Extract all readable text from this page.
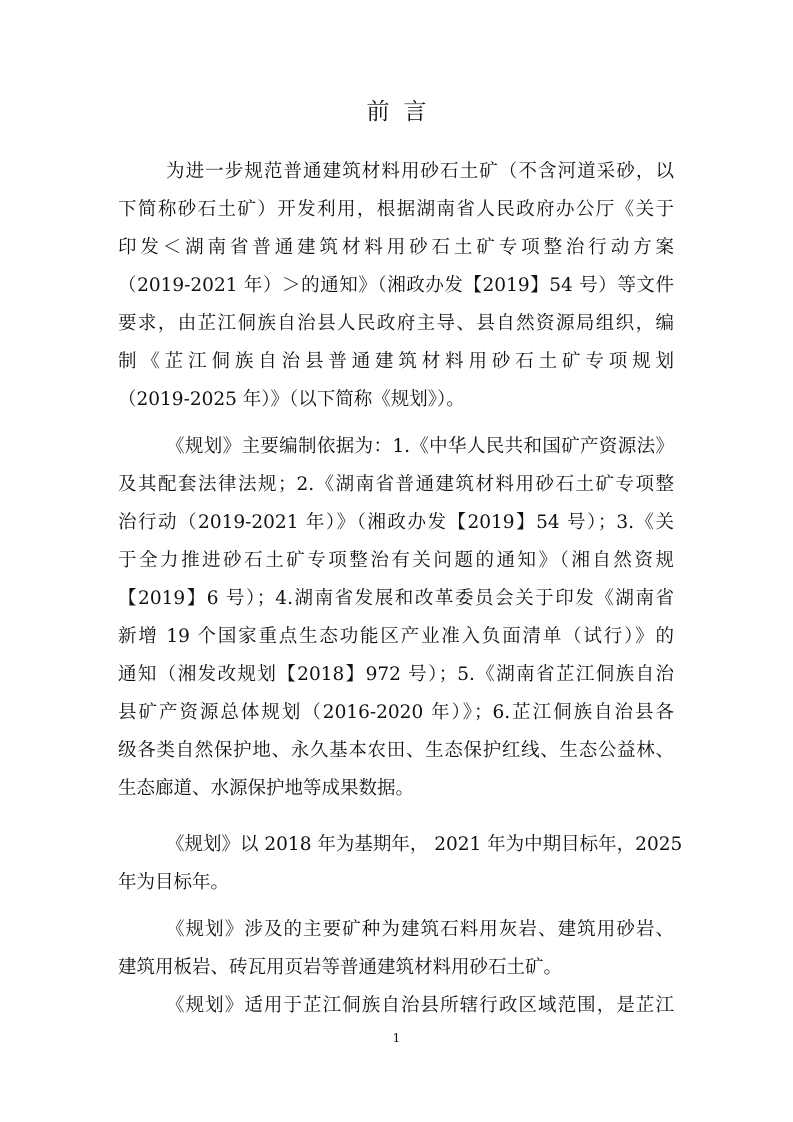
前言
为进一步规范普通建筑材料用砂石土矿（不含河道采砂，以
下简称砂石土矿）开发利用，根据湖南省人民政府办公厅《关于
印发＜湖南省普通建筑材料用砂石土矿专项整治行动方案
（2019-2021 年）＞的通知》（湘政办发【2019】54 号）等文件
要求，由芷江侗族自治县人民政府主导、县自然资源局组织，编
制《芷江侗族自治县普通建筑材料用砂石土矿专项规划
（2019-2025 年）》（以下简称《规划》）。
《规划》主要编制依据为：1.《中华人民共和国矿产资源法》
及其配套法律法规；2.《湖南省普通建筑材料用砂石土矿专项整
治行动（2019-2021 年）》（湘政办发【2019】54 号）；3.《关
于全力推进砂石土矿专项整治有关问题的通知》（湘自然资规
【2019】6 号）；4.湖南省发展和改革委员会关于印发《湖南省
新增 19 个国家重点生态功能区产业准入负面清单（试行）》的
通知（湘发改规划【2018】972 号）；5.《湖南省芷江侗族自治
县矿产资源总体规划（2016-2020 年）》；6.芷江侗族自治县各
级各类自然保护地、永久基本农田、生态保护红线、生态公益林、
生态廊道、水源保护地等成果数据。
《规划》以 2018 年为基期年， 2021 年为中期目标年，2025
年为目标年。
《规划》涉及的主要矿种为建筑石料用灰岩、建筑用砂岩、
建筑用板岩、砖瓦用页岩等普通建筑材料用砂石土矿。
《规划》适用于芷江侗族自治县所辖行政区域范围，是芷江
1
